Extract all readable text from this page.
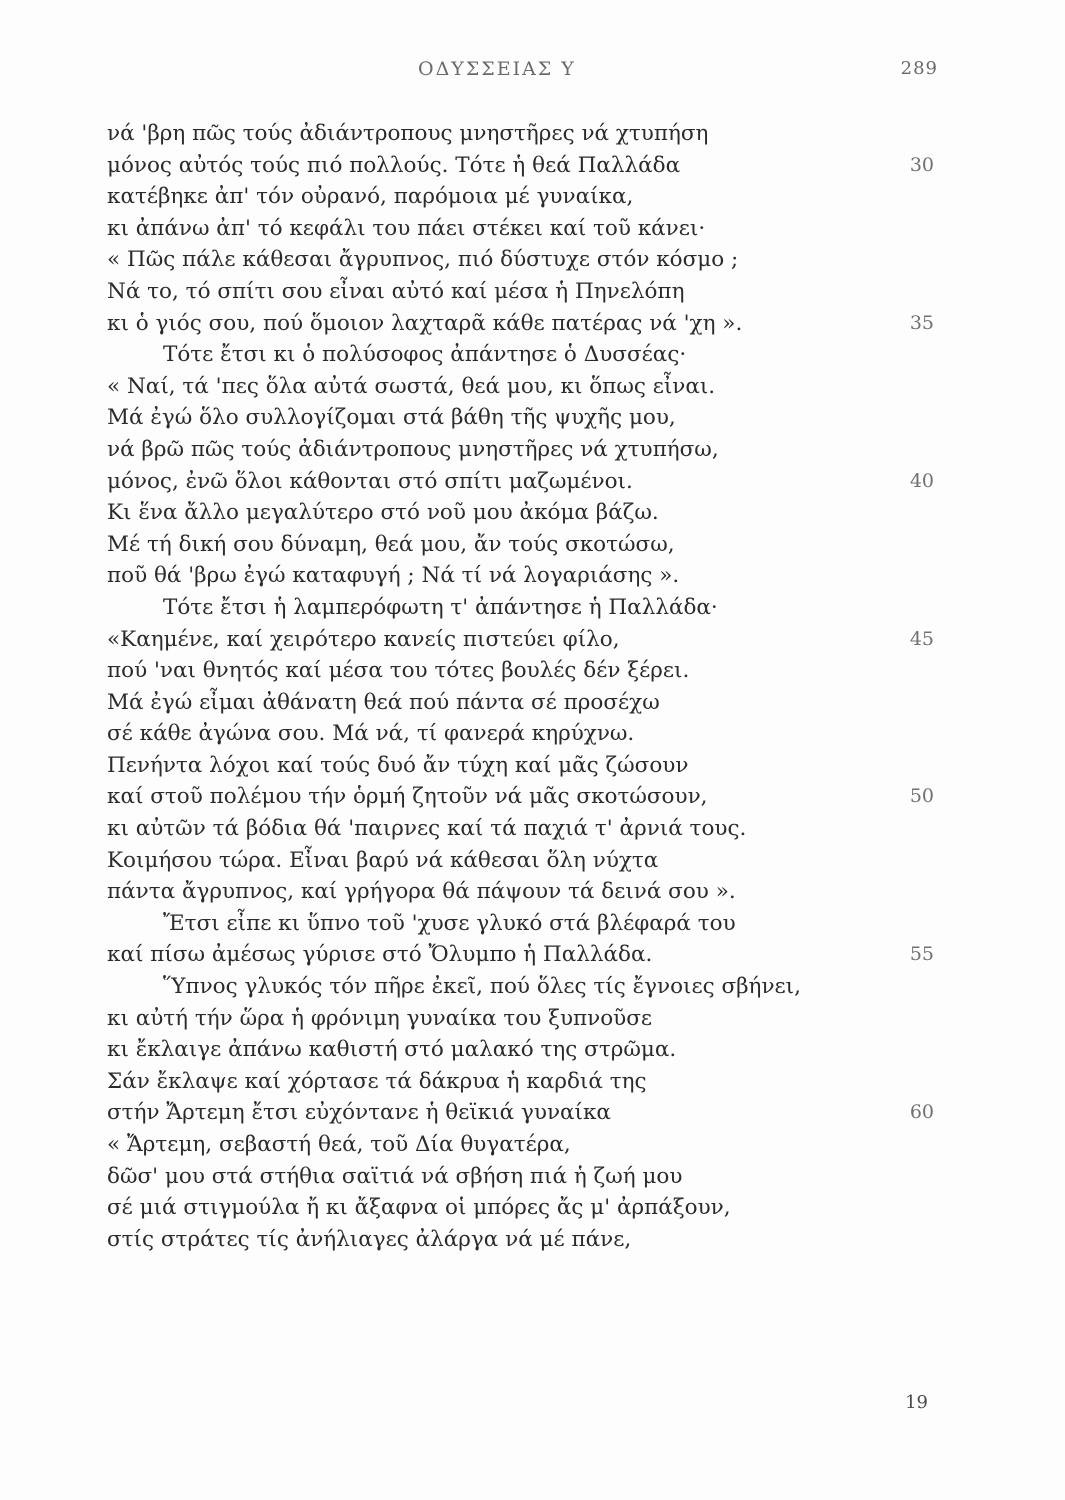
ΟΔΥΣΣΕΙΑΣ Υ	289
νά 'βρη πῶς τούς ἀδιάντροπους μνηστῆρες νά χτυπήση
μόνος αὐτός τούς πιό πολλούς. Τότε ἡ θεά Παλλάδα	30
κατέβηκε ἀπ' τόν οὐρανό, παρόμοια μέ γυναίκα,
κι ἀπάνω ἀπ' τό κεφάλι του πάει στέκει καί τοῦ κάνει·
« Πῶς πάλε κάθεσαι ἄγρυπνος, πιό δύστυχε στόν κόσμο ;
Νά το, τό σπίτι σου εἶναι αὐτό καί μέσα ἡ Πηνελόπη
κι ὁ γιός σου, πού ὅμοιον λαχταρᾶ κάθε πατέρας νά 'χη ».	35
Τότε ἔτσι κι ὁ πολύσοφος ἀπάντησε ὁ Δυσσέας·
« Ναί, τά 'πες ὅλα αὐτά σωστά, θεά μου, κι ὅπως εἶναι.
Μά ἐγώ ὅλο συλλογίζομαι στά βάθη τῆς ψυχῆς μου,
νά βρῶ πῶς τούς ἀδιάντροπους μνηστῆρες νά χτυπήσω,
μόνος, ἐνῶ ὅλοι κάθονται στό σπίτι μαζωμένοι.	40
Κι ἕνα ἄλλο μεγαλύτερο στό νοῦ μου ἀκόμα βάζω.
Μέ τή δική σου δύναμη, θεά μου, ἄν τούς σκοτώσω,
ποῦ θά 'βρω ἐγώ καταφυγή ; Νά τί νά λογαριάσης ».
Τότε ἔτσι ἡ λαμπερόφωτη τ' ἀπάντησε ἡ Παλλάδα·
«Καημένε, καί χειρότερο κανείς πιστεύει φίλο,	45
πού 'ναι θνητός καί μέσα του τότες βουλές δέν ξέρει.
Μά ἐγώ εἶμαι ἀθάνατη θεά πού πάντα σέ προσέχω
σέ κάθε ἀγώνα σου. Μά νά, τί φανερά κηρύχνω.
Πενήντα λόχοι καί τούς δυό ἄν τύχη καί μᾶς ζώσουν
καί στοῦ πολέμου τήν ὁρμή ζητοῦν νά μᾶς σκοτώσουν,	50
κι αὐτῶν τά βόδια θά 'παιρνες καί τά παχιά τ' ἀρνιά τους.
Κοιμήσου τώρα. Εἶναι βαρύ νά κάθεσαι ὅλη νύχτα
πάντα ἄγρυπνος, καί γρήγορα θά πάψουν τά δεινά σου ».
Ἔτσι εἶπε κι ὕπνο τοῦ 'χυσε γλυκό στά βλέφαρά του
καί πίσω ἀμέσως γύρισε στό Ὄλυμπο ἡ Παλλάδα.	55
Ὕπνος γλυκός τόν πῆρε ἐκεῖ, πού ὅλες τίς ἔγνοιες σβήνει,
κι αὐτή τήν ὥρα ἡ φρόνιμη γυναίκα του ξυπνοῦσε
κι ἔκλαιγε ἀπάνω καθιστή στό μαλακό της στρῶμα.
Σάν ἔκλαψε καί χόρτασε τά δάκρυα ἡ καρδιά της
στήν Ἄρτεμη ἔτσι εὐχόντανε ἡ θεϊκιά γυναίκα	60
« Ἄρτεμη, σεβαστή θεά, τοῦ Δία θυγατέρα,
δῶσ' μου στά στήθια σαϊτιά νά σβήση πιά ἡ ζωή μου
σέ μιά στιγμούλα ἤ κι ἄξαφνα οἱ μπόρες ἄς μ' ἀρπάξουν,
στίς στράτες τίς ἀνήλιαγες ἀλάργα νά μέ πάνε,
19
